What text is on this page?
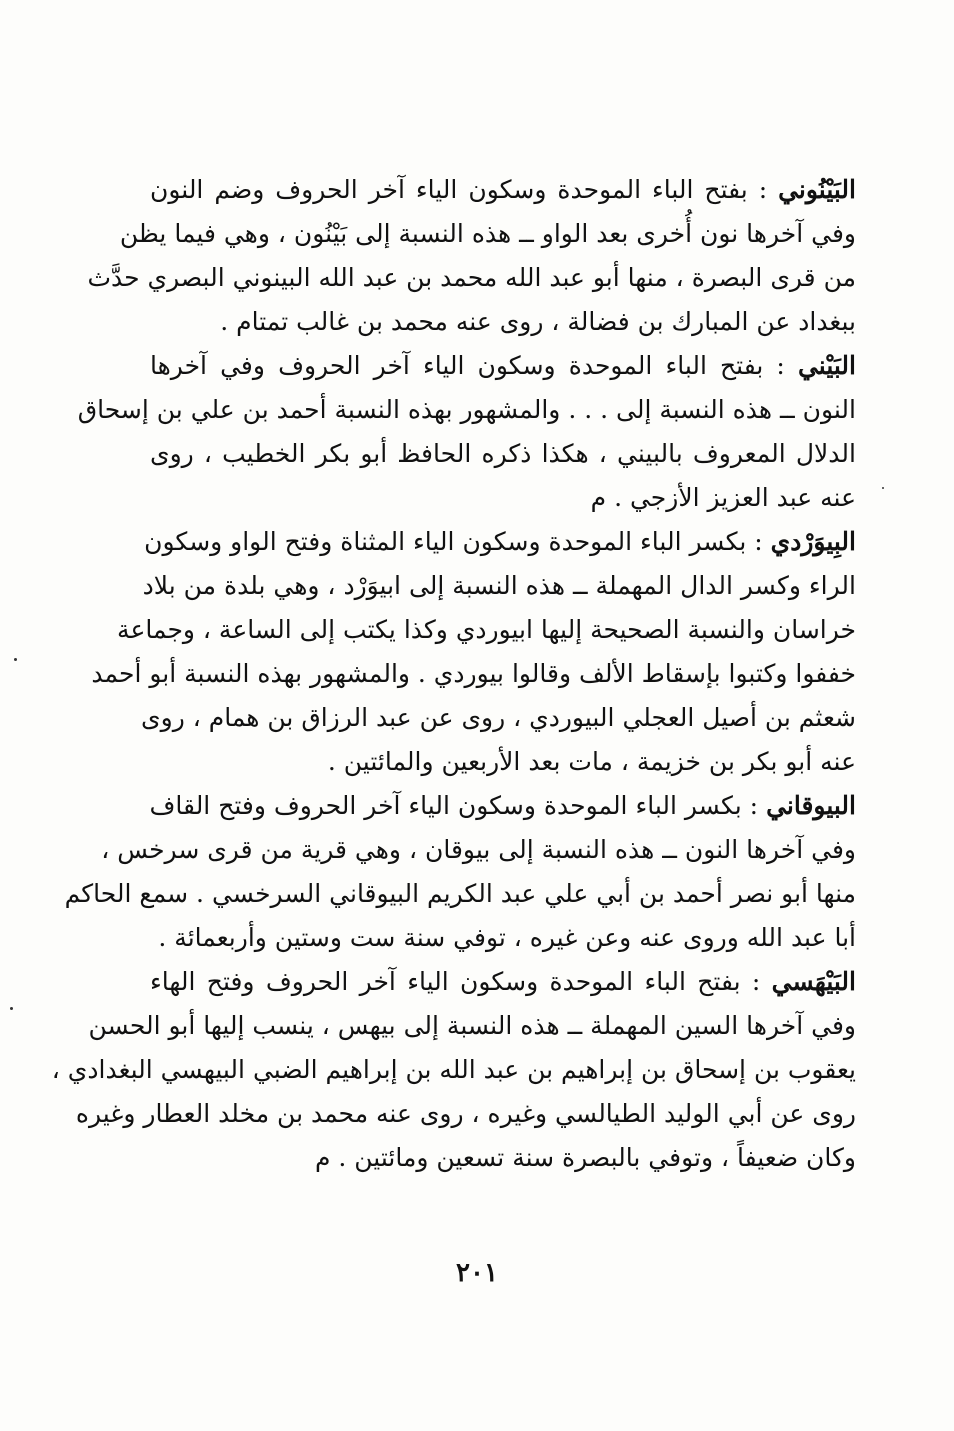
البَيْنُوني : بفتح الباء الموحدة وسكون الياء آخر الحروف وضم النون
وفي آخرها نون أُخرى بعد الواو ــ هذه النسبة إلى بَيْنُون ، وهي فيما يظن
من قرى البصرة ، منها أبو عبد الله محمد بن عبد الله البينوني البصري حدَّث
ببغداد عن المبارك بن فضالة ، روى عنه محمد بن غالب تمتام .
البَيْني : بفتح الباء الموحدة وسكون الياء آخر الحروف وفي آخرها
النون ــ هذه النسبة إلى . . . والمشهور بهذه النسبة أحمد بن علي بن إسحاق
الدلال المعروف بالبيني ، هكذا ذكره الحافظ أبو بكر الخطيب ، روى
عنه عبد العزيز الأزجي . م
البِيوَرْدي : بكسر الباء الموحدة وسكون الياء المثناة وفتح الواو وسكون
الراء وكسر الدال المهملة ــ هذه النسبة إلى ابيوَرْد ، وهي بلدة من بلاد
خراسان والنسبة الصحيحة إليها ابيوردي وكذا يكتب إلى الساعة ، وجماعة
خففوا وكتبوا بإسقاط الألف وقالوا بيوردي . والمشهور بهذه النسبة أبو أحمد
شعثم بن أصيل العجلي البيوردي ، روى عن عبد الرزاق بن همام ، روى
عنه أبو بكر بن خزيمة ، مات بعد الأربعين والمائتين .
البيوقاني : بكسر الباء الموحدة وسكون الياء آخر الحروف وفتح القاف
وفي آخرها النون ــ هذه النسبة إلى بيوقان ، وهي قرية من قرى سرخس ،
منها أبو نصر أحمد بن أبي علي عبد الكريم البيوقاني السرخسي . سمع الحاكم
أبا عبد الله وروى عنه وعن غيره ، توفي سنة ست وستين وأربعمائة .
البَيْهَسي : بفتح الباء الموحدة وسكون الياء آخر الحروف وفتح الهاء
وفي آخرها السين المهملة ــ هذه النسبة إلى بيهس ، ينسب إليها أبو الحسن
يعقوب بن إسحاق بن إبراهيم بن عبد الله بن إبراهيم الضبي البيهسي البغدادي ،
روى عن أبي الوليد الطيالسي وغيره ، روى عنه محمد بن مخلد العطار وغيره
وكان ضعيفاً ، وتوفي بالبصرة سنة تسعين ومائتين . م
٢٠١
